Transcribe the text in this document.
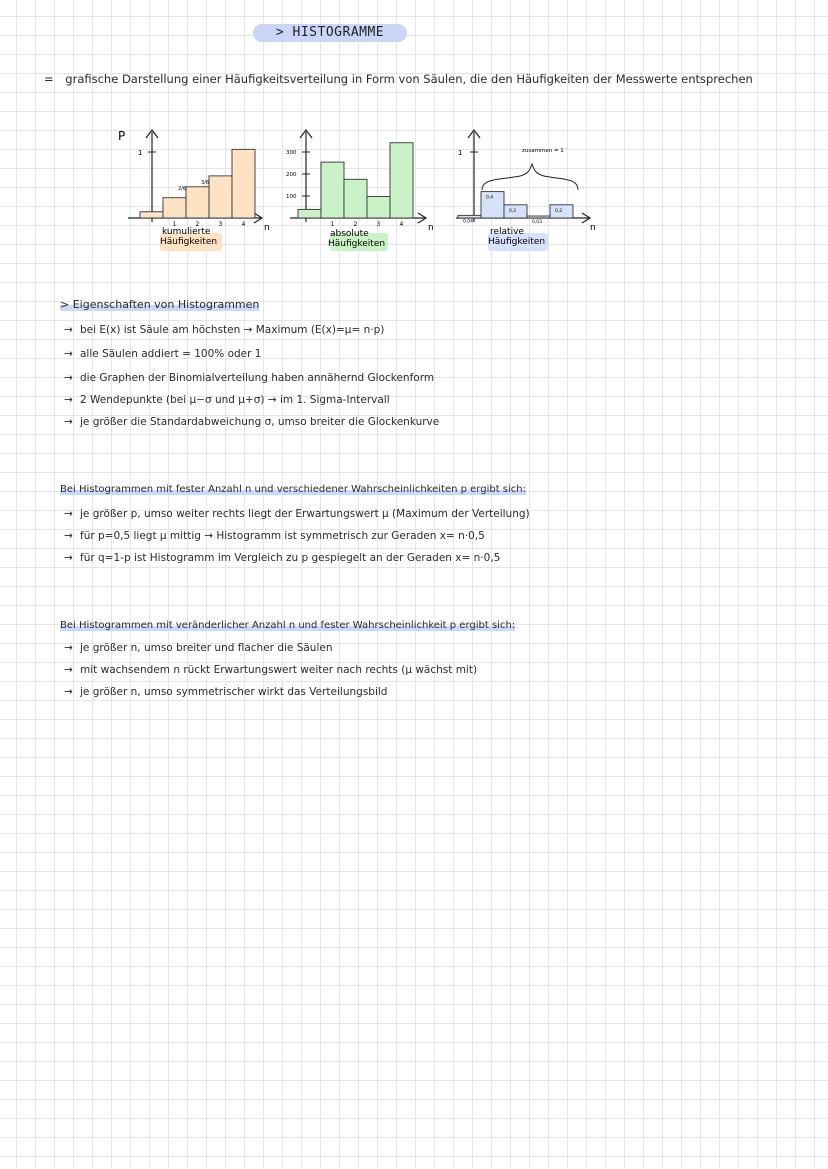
> HISTOGRAMME
= grafische Darstellung einer Häufigkeitsverteilung in Form von Säulen, die den Häufigkeiten der Messwerte entsprechen
P
1
n
1	2	3	4
2/6
3/6
kumulierte
Häufigkeiten
300
200
100
n
1	2	3	4
absolute
Häufigkeiten
1
n
zusammen = 1
0,04
0,4
0,2
0,03
0,2
relative
Häufigkeiten
> Eigenschaften von Histogrammen
→ bei E(x) ist Säule am höchsten → Maximum (E(x)=μ= n·p)
→ alle Säulen addiert = 100% oder 1
→ die Graphen der Binomialverteilung haben annähernd Glockenform
→ 2 Wendepunkte (bei μ−σ und μ+σ) → im 1. Sigma-Intervall
→ je größer die Standardabweichung σ, umso breiter die Glockenkurve
Bei Histogrammen mit fester Anzahl n und verschiedener Wahrscheinlichkeiten p ergibt sich:
→ je größer p, umso weiter rechts liegt der Erwartungswert μ (Maximum der Verteilung)
→ für p=0,5 liegt μ mittig → Histogramm ist symmetrisch zur Geraden x= n·0,5
→ für q=1-p ist Histogramm im Vergleich zu p gespiegelt an der Geraden x= n·0,5
Bei Histogrammen mit veränderlicher Anzahl n und fester Wahrscheinlichkeit p ergibt sich:
→ je größer n, umso breiter und flacher die Säulen
→ mit wachsendem n rückt Erwartungswert weiter nach rechts (μ wächst mit)
→ je größer n, umso symmetrischer wirkt das Verteilungsbild
